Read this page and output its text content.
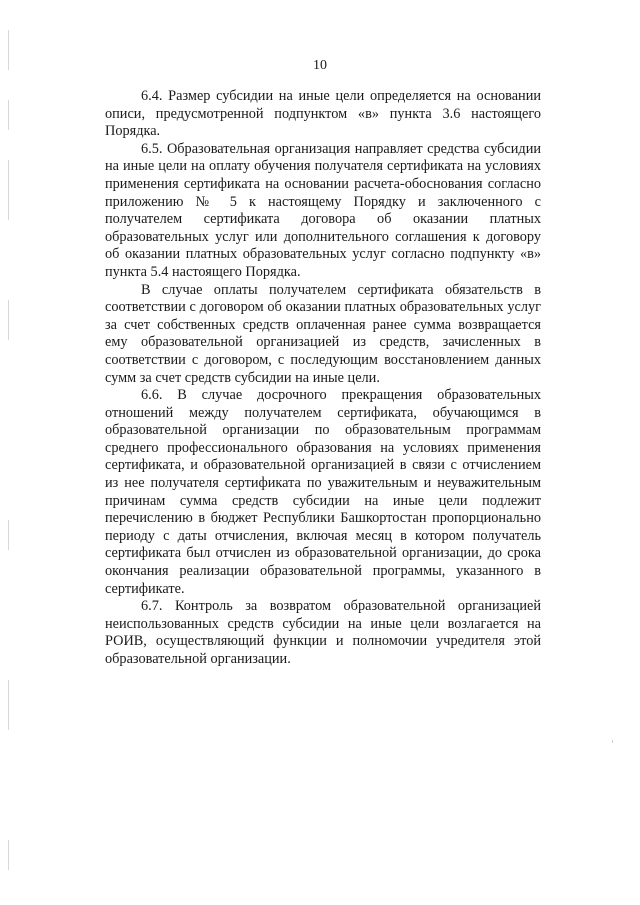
10

6.4. Размер субсидии на иные цели определяется на основании описи, предусмотренной подпунктом «в» пункта 3.6 настоящего Порядка.

6.5. Образовательная организация направляет средства субсидии на иные цели на оплату обучения получателя сертификата на условиях применения сертификата на основании расчета-обоснования согласно приложению № 5 к настоящему Порядку и заключенного с получателем сертификата договора об оказании платных образовательных услуг или дополнительного соглашения к договору об оказании платных образовательных услуг согласно подпункту «в» пункта 5.4 настоящего Порядка.

В случае оплаты получателем сертификата обязательств в соответствии с договором об оказании платных образовательных услуг за счет собственных средств оплаченная ранее сумма возвращается ему образовательной организацией из средств, зачисленных в соответствии с договором, с последующим восстановлением данных сумм за счет средств субсидии на иные цели.

6.6. В случае досрочного прекращения образовательных отношений между получателем сертификата, обучающимся в образовательной организации по образовательным программам среднего профессионального образования на условиях применения сертификата, и образовательной организацией в связи с отчислением из нее получателя сертификата по уважительным и неуважительным причинам сумма средств субсидии на иные цели подлежит перечислению в бюджет Республики Башкортостан пропорционально периоду с даты отчисления, включая месяц в котором получатель сертификата был отчислен из образовательной организации, до срока окончания реализации образовательной программы, указанного в сертификате.

6.7. Контроль за возвратом образовательной организацией неиспользованных средств субсидии на иные цели возлагается на РОИВ, осуществляющий функции и полномочии учредителя этой образовательной организации.
